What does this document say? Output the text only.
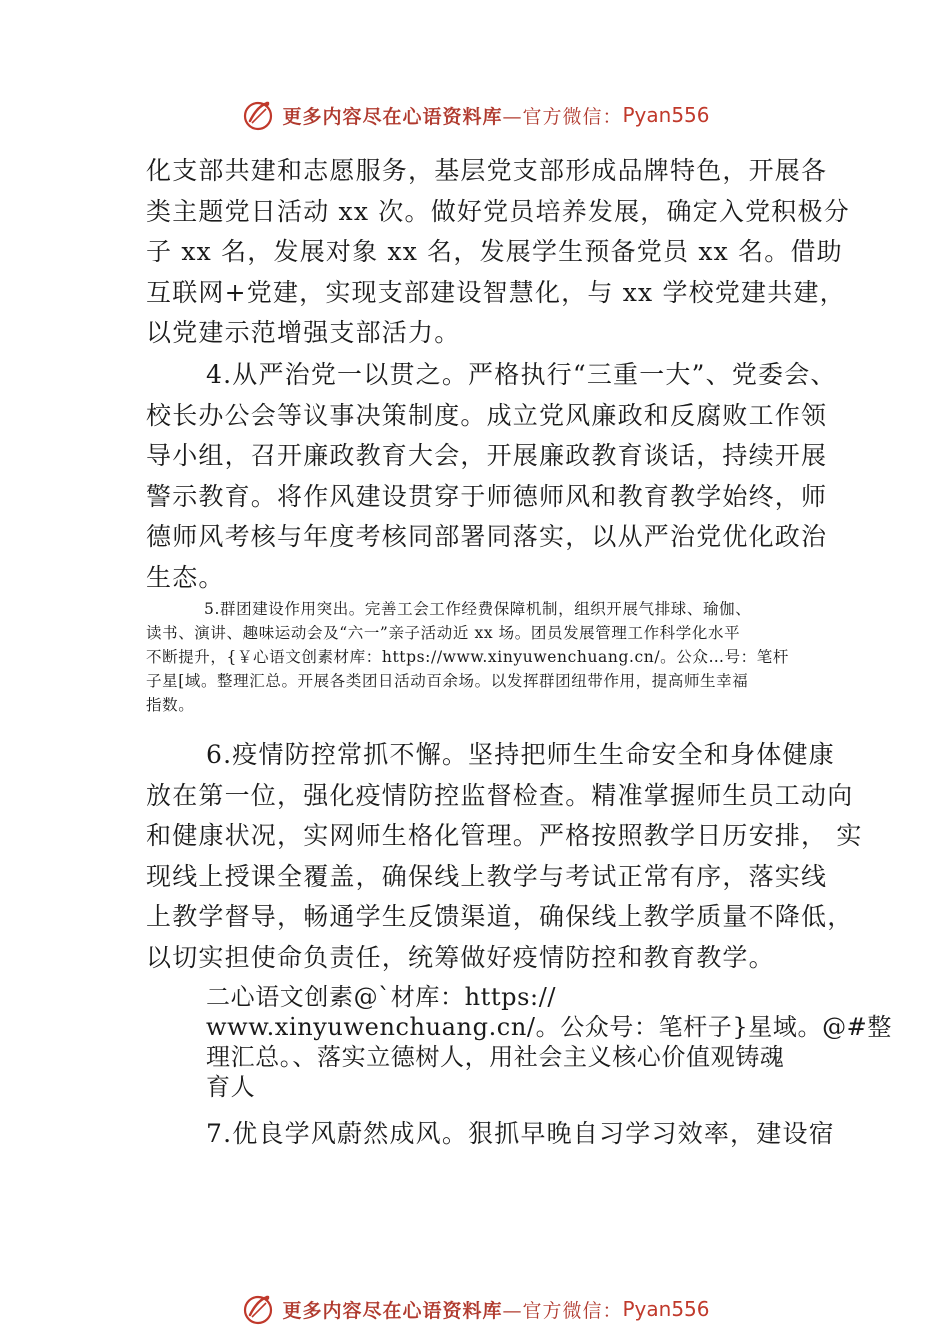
更多内容尽在心语资料库 —官方微信： Pyan556
化支部共建和志愿服务，基层党支部形成品牌特色，开展各
类主题党日活动 xx 次。做好党员培养发展，确定入党积极分
子 xx 名，发展对象 xx 名，发展学生预备党员 xx 名。借助
互联网+党建，实现支部建设智慧化，与 xx 学校党建共建，
以党建示范增强支部活力。
4.从严治党一以贯之。严格执行“三重一大”、党委会、
校长办公会等议事决策制度。成立党风廉政和反腐败工作领
导小组，召开廉政教育大会，开展廉政教育谈话，持续开展
警示教育。将作风建设贯穿于师德师风和教育教学始终，师
德师风考核与年度考核同部署同落实，以从严治党优化政治
生态。
5.群团建设作用突出。完善工会工作经费保障机制，组织开展气排球、瑜伽、
读书、演讲、趣味运动会及“六一”亲子活动近 xx 场。团员发展管理工作科学化水平
不断提升，{￥心语文创素材库：https://www.xinyuwenchuang.cn/。公众…号：笔杆
子星[域。整理汇总。开展各类团日活动百余场。以发挥群团纽带作用，提高师生幸福
指数。
6.疫情防控常抓不懈。坚持把师生生命安全和身体健康
放在第一位，强化疫情防控监督检查。精准掌握师生员工动向
和健康状况，实网师生格化管理。严格按照教学日历安排， 实
现线上授课全覆盖，确保线上教学与考试正常有序，落实线
上教学督导，畅通学生反馈渠道，确保线上教学质量不降低，
以切实担使命负责任，统筹做好疫情防控和教育教学。
二心语文创素@`材库：https://
www.xinyuwenchuang.cn/。公众号：笔杆子}星域。@#整
理汇总。、落实立德树人，用社会主义核心价值观铸魂
育人
7.优良学风蔚然成风。狠抓早晚自习学习效率，建设宿
更多内容尽在心语资料库 —官方微信： Pyan556
